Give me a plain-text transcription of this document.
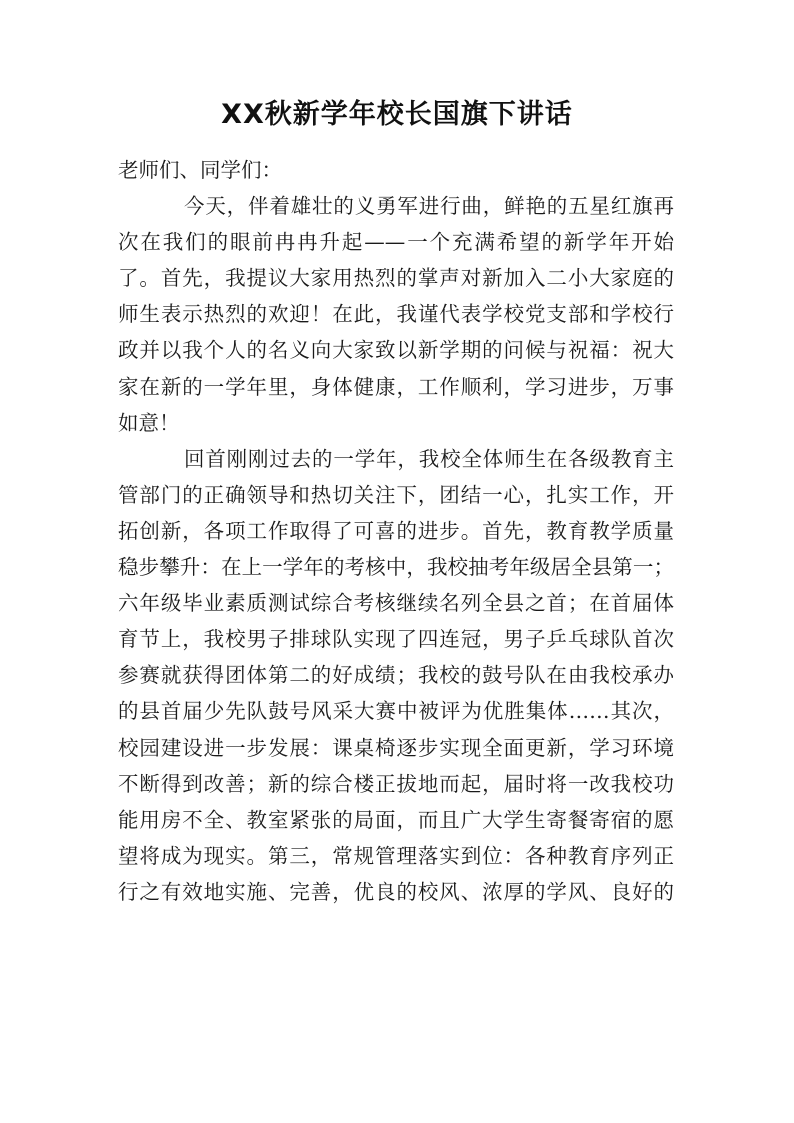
XX秋新学年校长国旗下讲话
老师们、同学们：
今天，伴着雄壮的义勇军进行曲，鲜艳的五星红旗再
次在我们的眼前冉冉升起——一个充满希望的新学年开始
了。首先，我提议大家用热烈的掌声对新加入二小大家庭的
师生表示热烈的欢迎！在此，我谨代表学校党支部和学校行
政并以我个人的名义向大家致以新学期的问候与祝福：祝大
家在新的一学年里，身体健康，工作顺利，学习进步，万事
如意！
回首刚刚过去的一学年，我校全体师生在各级教育主
管部门的正确领导和热切关注下，团结一心，扎实工作，开
拓创新，各项工作取得了可喜的进步。首先，教育教学质量
稳步攀升：在上一学年的考核中，我校抽考年级居全县第一；
六年级毕业素质测试综合考核继续名列全县之首；在首届体
育节上，我校男子排球队实现了四连冠，男子乒乓球队首次
参赛就获得团体第二的好成绩；我校的鼓号队在由我校承办
的县首届少先队鼓号风采大赛中被评为优胜集体……其次，
校园建设进一步发展：课桌椅逐步实现全面更新，学习环境
不断得到改善；新的综合楼正拔地而起，届时将一改我校功
能用房不全、教室紧张的局面，而且广大学生寄餐寄宿的愿
望将成为现实。第三，常规管理落实到位：各种教育序列正
行之有效地实施、完善，优良的校风、浓厚的学风、良好的
